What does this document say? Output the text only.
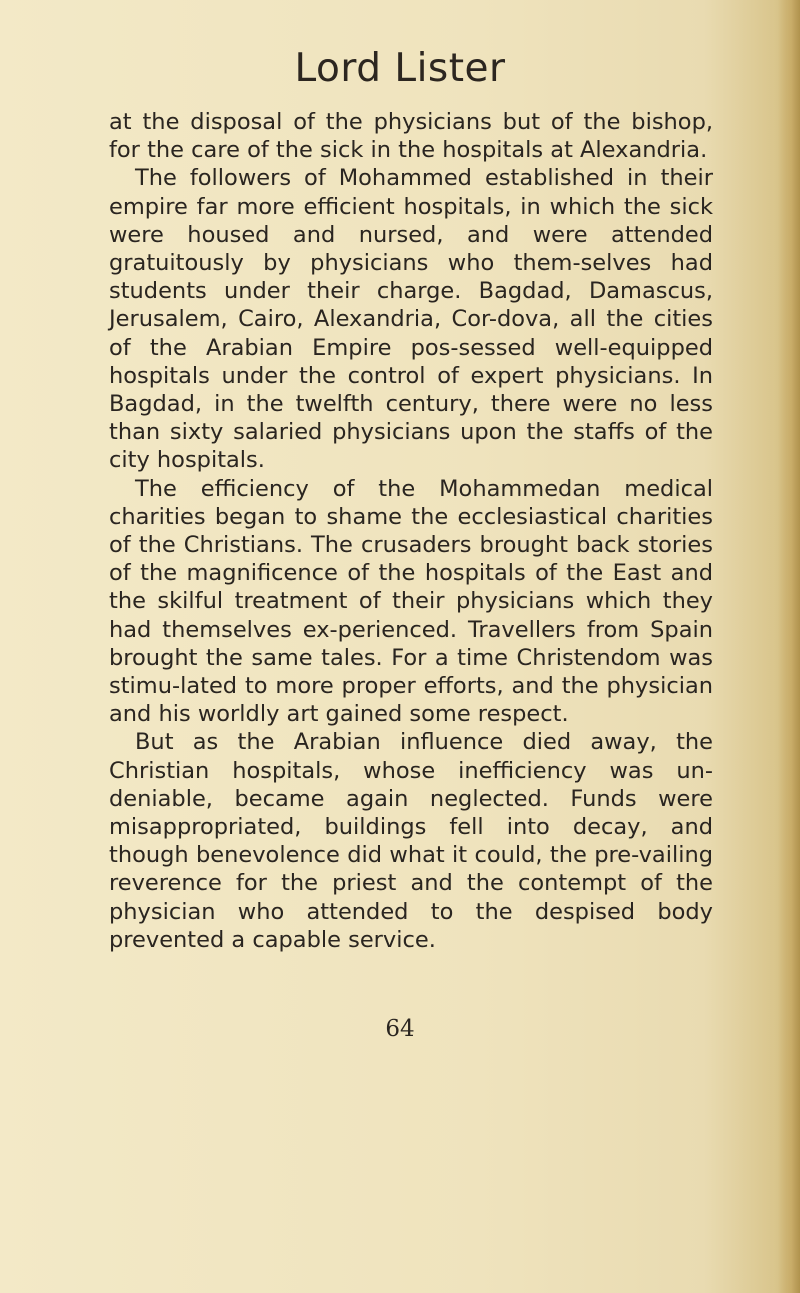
Lord Lister

at the disposal of the physicians but of the bishop, for the care of the sick in the hospitals at Alexandria.

The followers of Mohammed established in their empire far more efficient hospitals, in which the sick were housed and nursed, and were attended gratuitously by physicians who them-selves had students under their charge. Bagdad, Damascus, Jerusalem, Cairo, Alexandria, Cor-dova, all the cities of the Arabian Empire pos-sessed well-equipped hospitals under the control of expert physicians. In Bagdad, in the twelfth century, there were no less than sixty salaried physicians upon the staffs of the city hospitals.

The efficiency of the Mohammedan medical charities began to shame the ecclesiastical charities of the Christians. The crusaders brought back stories of the magnificence of the hospitals of the East and the skilful treatment of their physicians which they had themselves ex-perienced. Travellers from Spain brought the same tales. For a time Christendom was stimu-lated to more proper efforts, and the physician and his worldly art gained some respect.

But as the Arabian influence died away, the Christian hospitals, whose inefficiency was un-deniable, became again neglected. Funds were misappropriated, buildings fell into decay, and though benevolence did what it could, the pre-vailing reverence for the priest and the contempt of the physician who attended to the despised body prevented a capable service.

64
